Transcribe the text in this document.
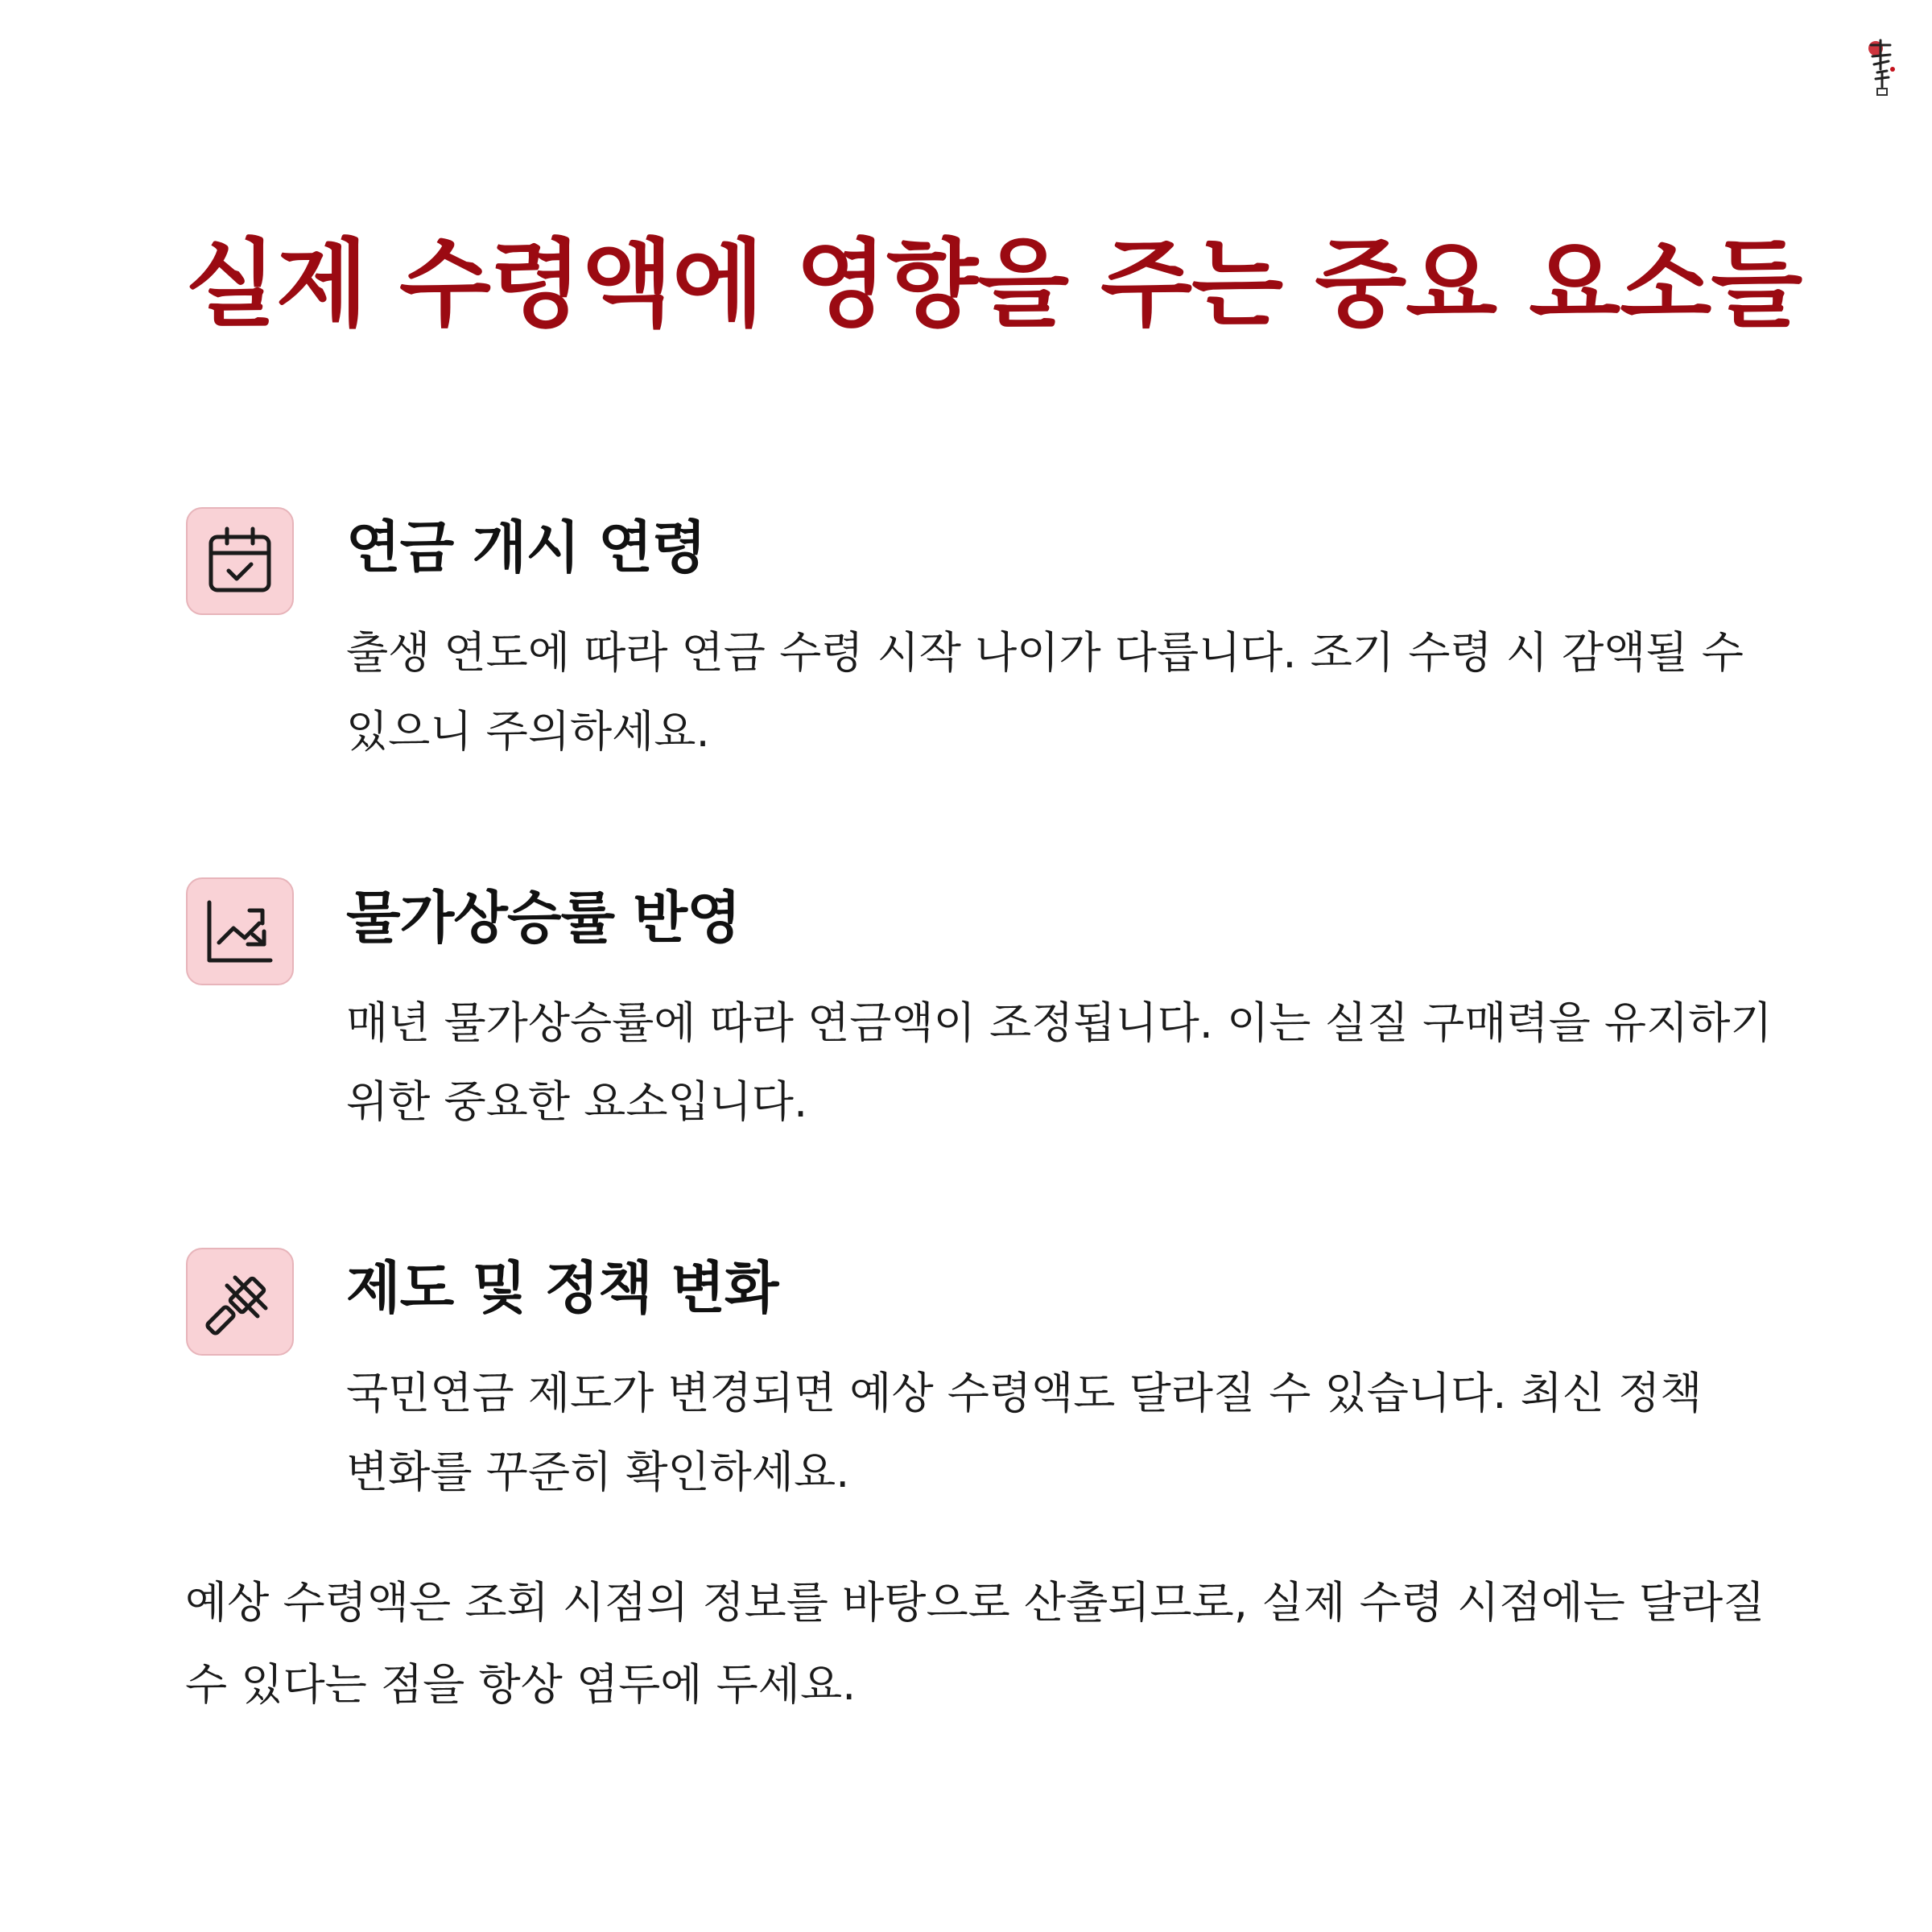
실제 수령액에 영향을 주는 중요 요소들
연금 개시 연령

출생 연도에 따라 연금 수령 시작 나이가 다릅니다. 조기 수령 시 감액될 수 있으니 주의하세요.

물가상승률 반영

매년 물가상승률에 따라 연금액이 조정됩니다. 이는 실질 구매력을 유지하기 위한 중요한 요소입니다.

제도 및 정책 변화

국민연금 제도가 변경되면 예상 수령액도 달라질 수 있습니다. 최신 정책 변화를 꾸준히 확인하세요.

예상 수령액은 조회 시점의 정보를 바탕으로 산출되므로, 실제 수령 시점에는 달라질 수 있다는 점을 항상 염두에 두세요.
